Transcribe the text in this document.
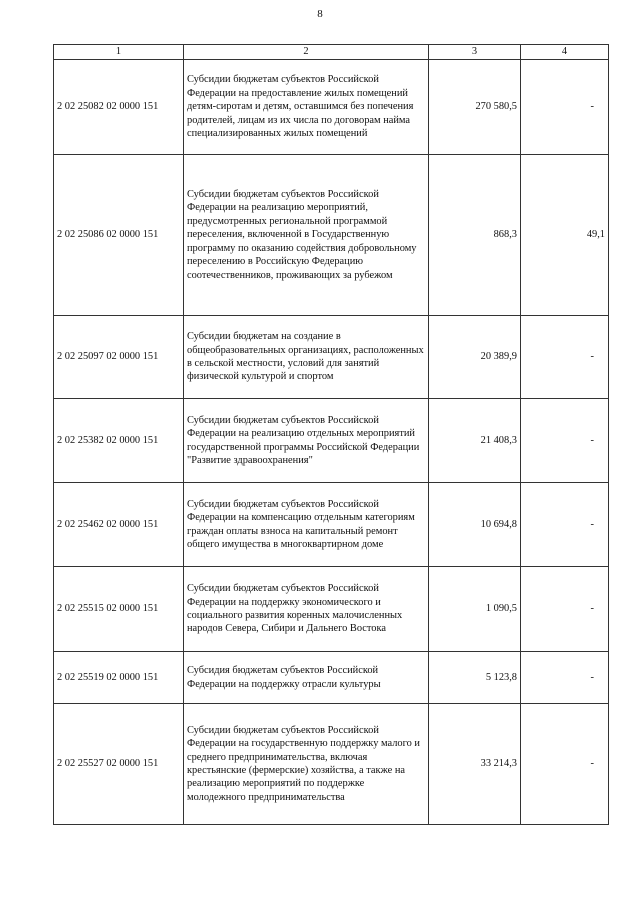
8
1	2	3	4
2 02 25082 02 0000 151	Субсидии бюджетам субъектов Российской Федерации на предоставление жилых помещений детям-сиротам и детям, оставшимся без попечения родителей, лицам из их числа по договорам найма специализированных жилых помещений	270 580,5	-
2 02 25086 02 0000 151	Субсидии бюджетам субъектов Российской Федерации на реализацию мероприятий, предусмотренных региональной программой переселения, включенной в Государственную программу по оказанию содействия добровольному переселению в Российскую Федерацию соотечественников, проживающих за рубежом	868,3	49,1
2 02 25097 02 0000 151	Субсидии бюджетам на создание в общеобразовательных организациях, расположенных в сельской местности, условий для занятий физической культурой и спортом	20 389,9	-
2 02 25382 02 0000 151	Субсидии бюджетам субъектов Российской Федерации на реализацию отдельных мероприятий государственной программы Российской Федерации "Развитие здравоохранения"	21 408,3	-
2 02 25462 02 0000 151	Субсидии бюджетам субъектов Российской Федерации на компенсацию отдельным категориям граждан оплаты взноса на капитальный ремонт общего имущества в многоквартирном доме	10 694,8	-
2 02 25515 02 0000 151	Субсидии бюджетам субъектов Российской Федерации на поддержку экономического и социального развития коренных малочисленных народов Севера, Сибири и Дальнего Востока	1 090,5	-
2 02 25519 02 0000 151	Субсидия бюджетам субъектов Российской Федерации на поддержку отрасли культуры	5 123,8	-
2 02 25527 02 0000 151	Субсидии бюджетам субъектов Российской Федерации на государственную поддержку малого и среднего предпринимательства, включая крестьянские (фермерские) хозяйства, а также на реализацию мероприятий по поддержке молодежного предпринимательства	33 214,3	-
